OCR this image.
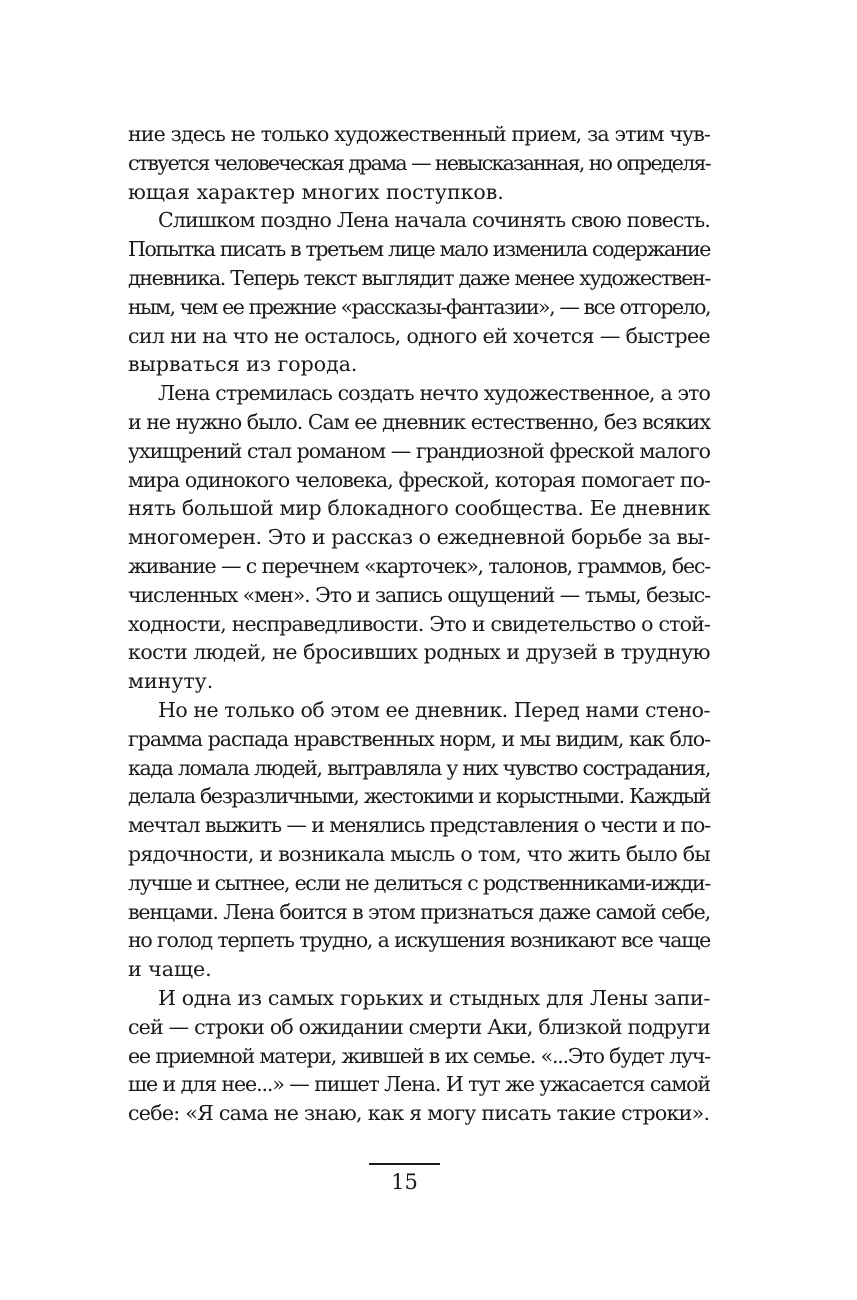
ние здесь не только художественный прием, за этим чув-
ствуется человеческая драма — невысказанная, но определя-
ющая характер многих поступков.
Слишком поздно Лена начала сочинять свою повесть.
Попытка писать в третьем лице мало изменила содержание
дневника. Теперь текст выглядит даже менее художествен-
ным, чем ее прежние «рассказы-фантазии», — все отгорело,
сил ни на что не осталось, одного ей хочется — быстрее
вырваться из города.
Лена стремилась создать нечто художественное, а это
и не нужно было. Сам ее дневник естественно, без всяких
ухищрений стал романом — грандиозной фреской малого
мира одинокого человека, фреской, которая помогает по-
нять большой мир блокадного сообщества. Ее дневник
многомерен. Это и рассказ о ежедневной борьбе за вы-
живание — с перечнем «карточек», талонов, граммов, бес-
численных «мен». Это и запись ощущений — тьмы, безыс-
ходности, несправедливости. Это и свидетельство о стой-
кости людей, не бросивших родных и друзей в трудную
минуту.
Но не только об этом ее дневник. Перед нами стено-
грамма распада нравственных норм, и мы видим, как бло-
када ломала людей, вытравляла у них чувство сострадания,
делала безразличными, жестокими и корыстными. Каждый
мечтал выжить — и менялись представления о чести и по-
рядочности, и возникала мысль о том, что жить было бы
лучше и сытнее, если не делиться с родственниками-ижди-
венцами. Лена боится в этом признаться даже самой себе,
но голод терпеть трудно, а искушения возникают все чаще
и чаще.
И одна из самых горьких и стыдных для Лены запи-
сей — строки об ожидании смерти Аки, близкой подруги
ее приемной матери, жившей в их семье. «...Это будет луч-
ше и для нее...» — пишет Лена. И тут же ужасается самой
себе: «Я сама не знаю, как я могу писать такие строки».
15
